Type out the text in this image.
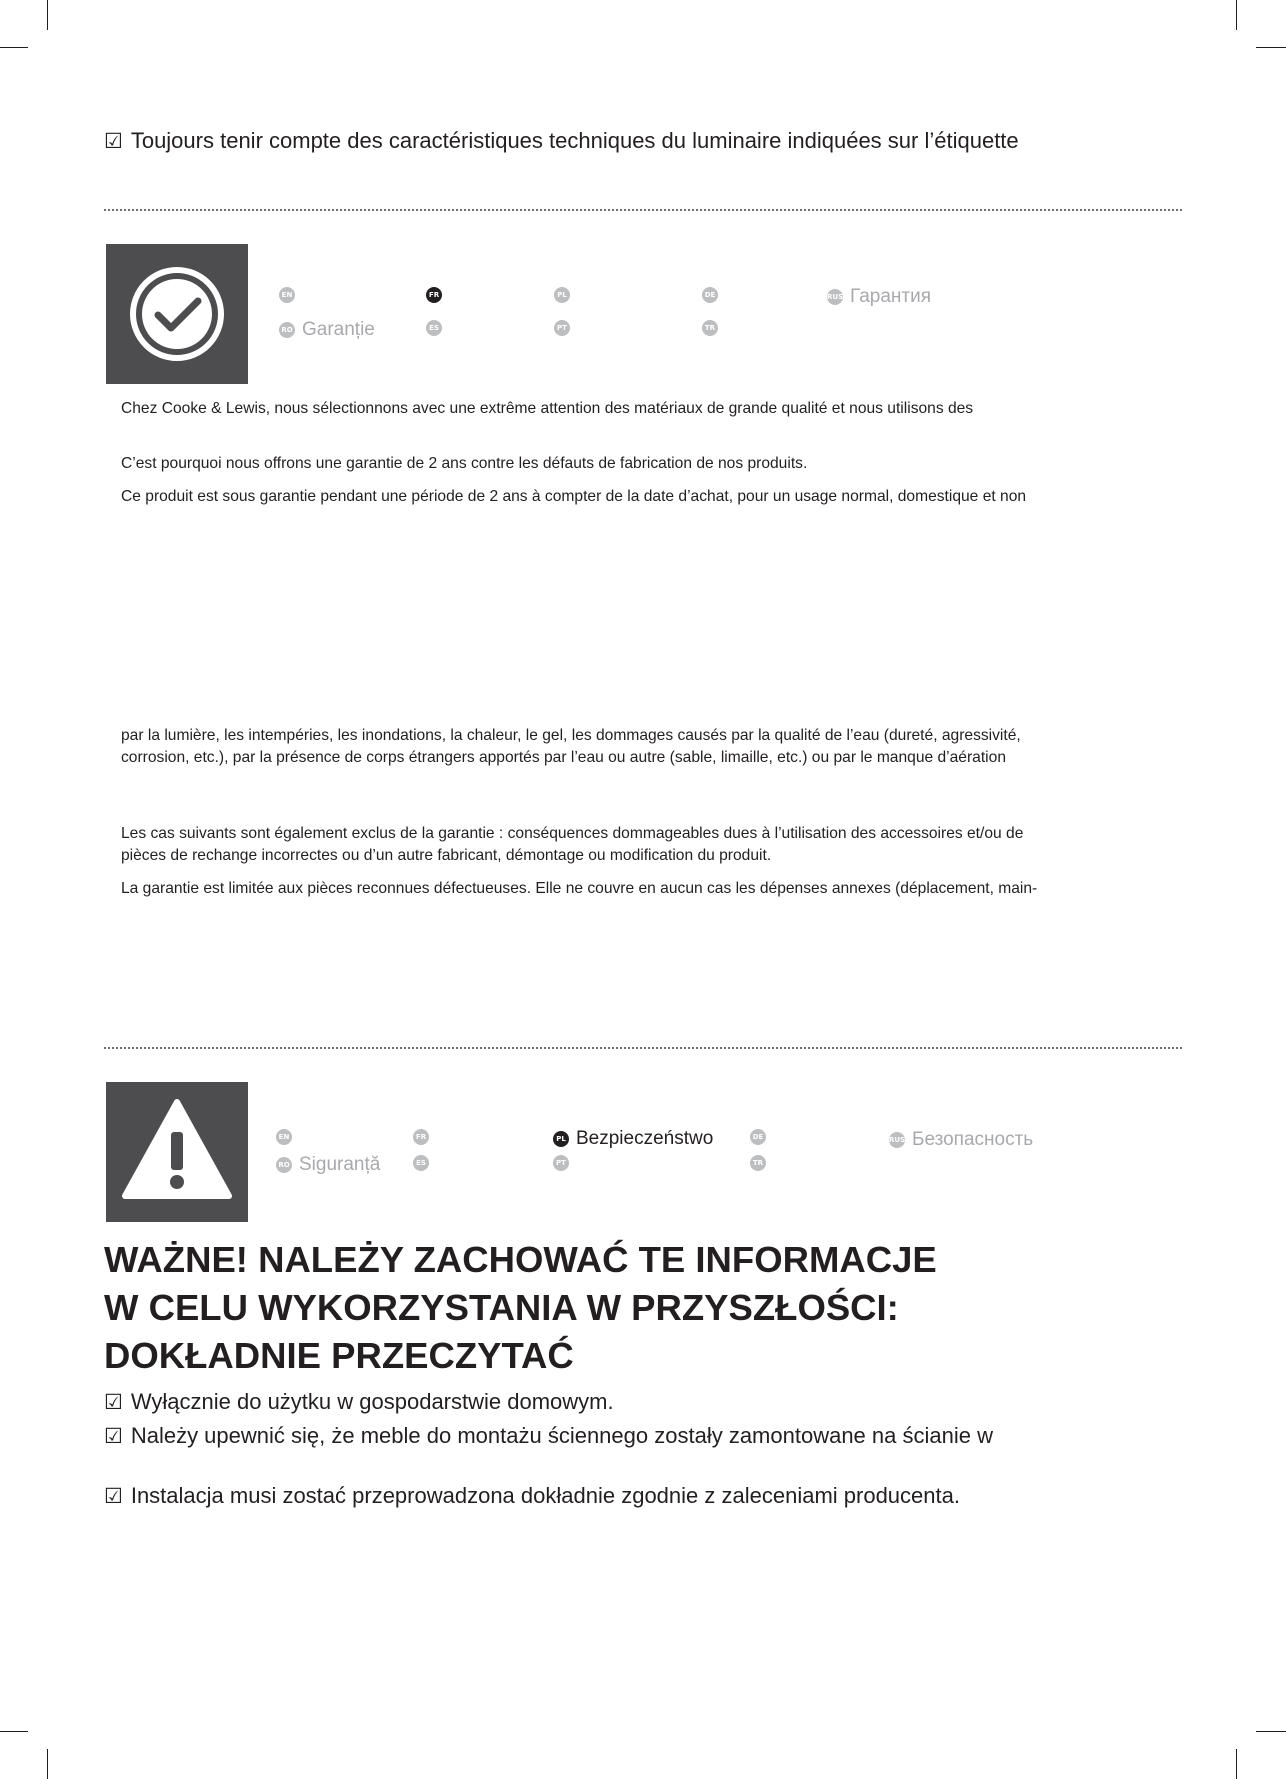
☑ Toujours tenir compte des caractéristiques techniques du luminaire indiquées sur l’étiquette
EN	FR	PL	DE	RUS Гарантия
RO Garanție	ES	PT	TR
Chez Cooke & Lewis, nous sélectionnons avec une extrême attention des matériaux de grande qualité et nous utilisons des
C’est pourquoi nous offrons une garantie de 2 ans contre les défauts de fabrication de nos produits.
Ce produit est sous garantie pendant une période de 2 ans à compter de la date d’achat, pour un usage normal, domestique et non
par la lumière, les intempéries, les inondations, la chaleur, le gel, les dommages causés par la qualité de l’eau (dureté, agressivité,
corrosion, etc.), par la présence de corps étrangers apportés par l’eau ou autre (sable, limaille, etc.) ou par le manque d’aération
Les cas suivants sont également exclus de la garantie : conséquences dommageables dues à l’utilisation des accessoires et/ou de
pièces de rechange incorrectes ou d’un autre fabricant, démontage ou modification du produit.
La garantie est limitée aux pièces reconnues défectueuses. Elle ne couvre en aucun cas les dépenses annexes (déplacement, main-
EN	FR	PL Bezpieczeństwo	DE	RUS Безопасность
RO Siguranță	ES	PT	TR
WAŻNE! NALEŻY ZACHOWAĆ TE INFORMACJE
W CELU WYKORZYSTANIA W PRZYSZŁOŚCI:
DOKŁADNIE PRZECZYTAĆ
☑ Wyłącznie do użytku w gospodarstwie domowym.
☑ Należy upewnić się, że meble do montażu ściennego zostały zamontowane na ścianie w
☑ Instalacja musi zostać przeprowadzona dokładnie zgodnie z zaleceniami producenta.
